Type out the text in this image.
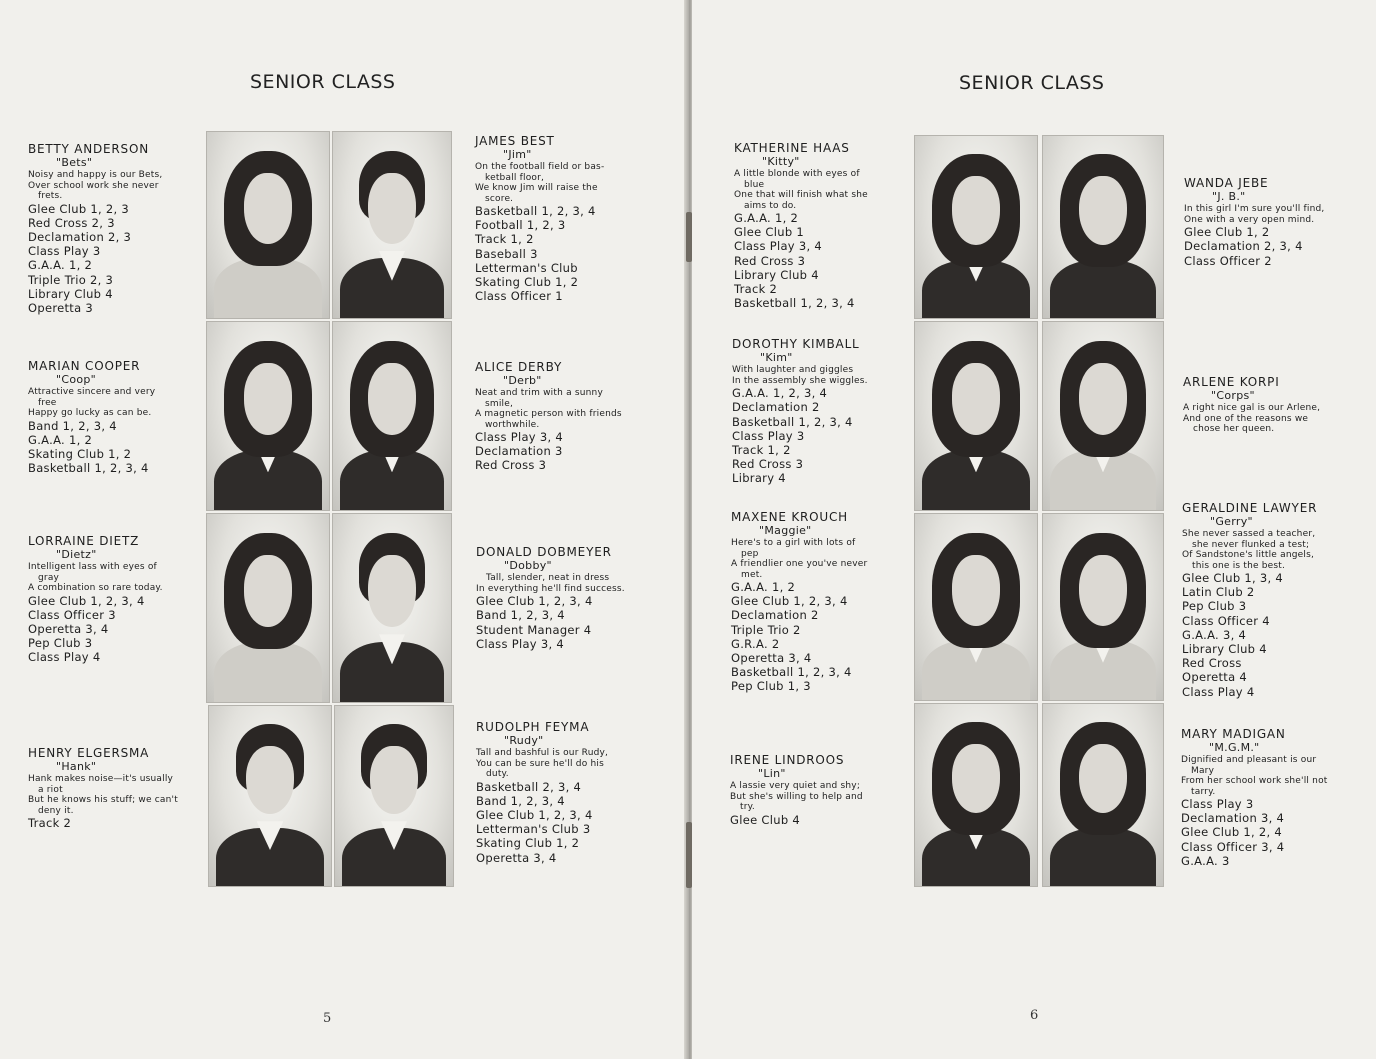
SENIOR CLASS
BETTY ANDERSON
"Bets"
Noisy and happy is our Bets,
Over school work she never
frets.
Glee Club 1, 2, 3
Red Cross 2, 3
Declamation 2, 3
Class Play 3
G.A.A. 1, 2
Triple Trio 2, 3
Library Club 4
Operetta 3
MARIAN COOPER
"Coop"
Attractive sincere and very
free
Happy go lucky as can be.
Band 1, 2, 3, 4
G.A.A. 1, 2
Skating Club 1, 2
Basketball 1, 2, 3, 4
LORRAINE DIETZ
"Dietz"
Intelligent lass with eyes of
gray
A combination so rare today.
Glee Club 1, 2, 3, 4
Class Officer 3
Operetta 3, 4
Pep Club 3
Class Play 4
HENRY ELGERSMA
"Hank"
Hank makes noise—it's usually
a riot
But he knows his stuff; we can't
deny it.
Track 2
JAMES BEST
"Jim"
On the football field or bas-
ketball floor,
We know Jim will raise the
score.
Basketball 1, 2, 3, 4
Football 1, 2, 3
Track 1, 2
Baseball 3
Letterman's Club
Skating Club 1, 2
Class Officer 1
ALICE DERBY
"Derb"
Neat and trim with a sunny
smile,
A magnetic person with friends
worthwhile.
Class Play 3, 4
Declamation 3
Red Cross 3
DONALD DOBMEYER
"Dobby"
Tall, slender, neat in dress
In everything he'll find success.
Glee Club 1, 2, 3, 4
Band 1, 2, 3, 4
Student Manager 4
Class Play 3, 4
RUDOLPH FEYMA
"Rudy"
Tall and bashful is our Rudy,
You can be sure he'll do his
duty.
Basketball 2, 3, 4
Band 1, 2, 3, 4
Glee Club 1, 2, 3, 4
Letterman's Club 3
Skating Club 1, 2
Operetta 3, 4
5
SENIOR CLASS
KATHERINE HAAS
"Kitty"
A little blonde with eyes of
blue
One that will finish what she
aims to do.
G.A.A. 1, 2
Glee Club 1
Class Play 3, 4
Red Cross 3
Library Club 4
Track 2
Basketball 1, 2, 3, 4
DOROTHY KIMBALL
"Kim"
With laughter and giggles
In the assembly she wiggles.
G.A.A. 1, 2, 3, 4
Declamation 2
Basketball 1, 2, 3, 4
Class Play 3
Track 1, 2
Red Cross 3
Library 4
MAXENE KROUCH
"Maggie"
Here's to a girl with lots of
pep
A friendlier one you've never
met.
G.A.A. 1, 2
Glee Club 1, 2, 3, 4
Declamation 2
Triple Trio 2
G.R.A. 2
Operetta 3, 4
Basketball 1, 2, 3, 4
Pep Club 1, 3
IRENE LINDROOS
"Lin"
A lassie very quiet and shy;
But she's willing to help and
try.
Glee Club 4
WANDA JEBE
"J. B."
In this girl I'm sure you'll find,
One with a very open mind.
Glee Club 1, 2
Declamation 2, 3, 4
Class Officer 2
ARLENE KORPI
"Corps"
A right nice gal is our Arlene,
And one of the reasons we
chose her queen.
GERALDINE LAWYER
"Gerry"
She never sassed a teacher,
she never flunked a test;
Of Sandstone's little angels,
this one is the best.
Glee Club 1, 3, 4
Latin Club 2
Pep Club 3
Class Officer 4
G.A.A. 3, 4
Library Club 4
Red Cross
Operetta 4
Class Play 4
MARY MADIGAN
"M.G.M."
Dignified and pleasant is our
Mary
From her school work she'll not
tarry.
Class Play 3
Declamation 3, 4
Glee Club 1, 2, 4
Class Officer 3, 4
G.A.A. 3
6
